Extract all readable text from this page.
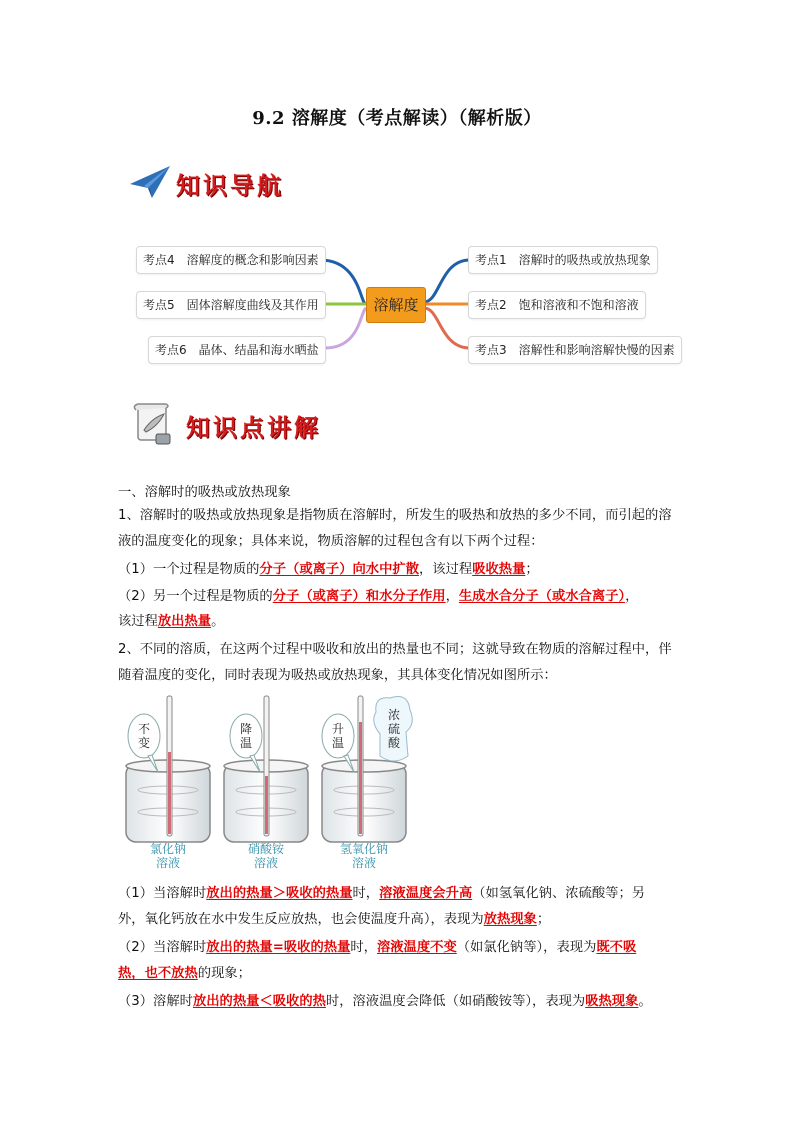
9.2 溶解度（考点解读）（解析版）
知识导航
考点4　溶解度的概念和影响因素
考点5　固体溶解度曲线及其作用
考点6　晶体、结晶和海水晒盐
溶解度
考点1　溶解时的吸热或放热现象
考点2　饱和溶液和不饱和溶液
考点3　溶解性和影响溶解快慢的因素
知识点讲解
一、溶解时的吸热或放热现象
1、溶解时的吸热或放热现象是指物质在溶解时，所发生的吸热和放热的多少不同，而引起的溶液的温度变化的现象；具体来说，物质溶解的过程包含有以下两个过程：
（1）一个过程是物质的分子（或离子）向水中扩散，该过程吸收热量；
（2）另一个过程是物质的分子（或离子）和水分子作用，生成水合分子（或水合离子），
该过程放出热量。
2、不同的溶质，在这两个过程中吸收和放出的热量也不同；这就导致在物质的溶解过程中，伴随着温度的变化，同时表现为吸热或放热现象，其具体变化情况如图所示：
不
变
降
温
升
温
浓
硫
酸
氯化钠
溶液
硝酸铵
溶液
氢氧化钠
溶液
（1）当溶解时放出的热量＞吸收的热量时，溶液温度会升高（如氢氧化钠、浓硫酸等；另
外，氧化钙放在水中发生反应放热，也会使温度升高），表现为放热现象；
（2）当溶解时放出的热量=吸收的热量时，溶液温度不变（如氯化钠等），表现为既不吸
热，也不放热的现象；
（3）溶解时放出的热量＜吸收的热时，溶液温度会降低（如硝酸铵等），表现为吸热现象。
